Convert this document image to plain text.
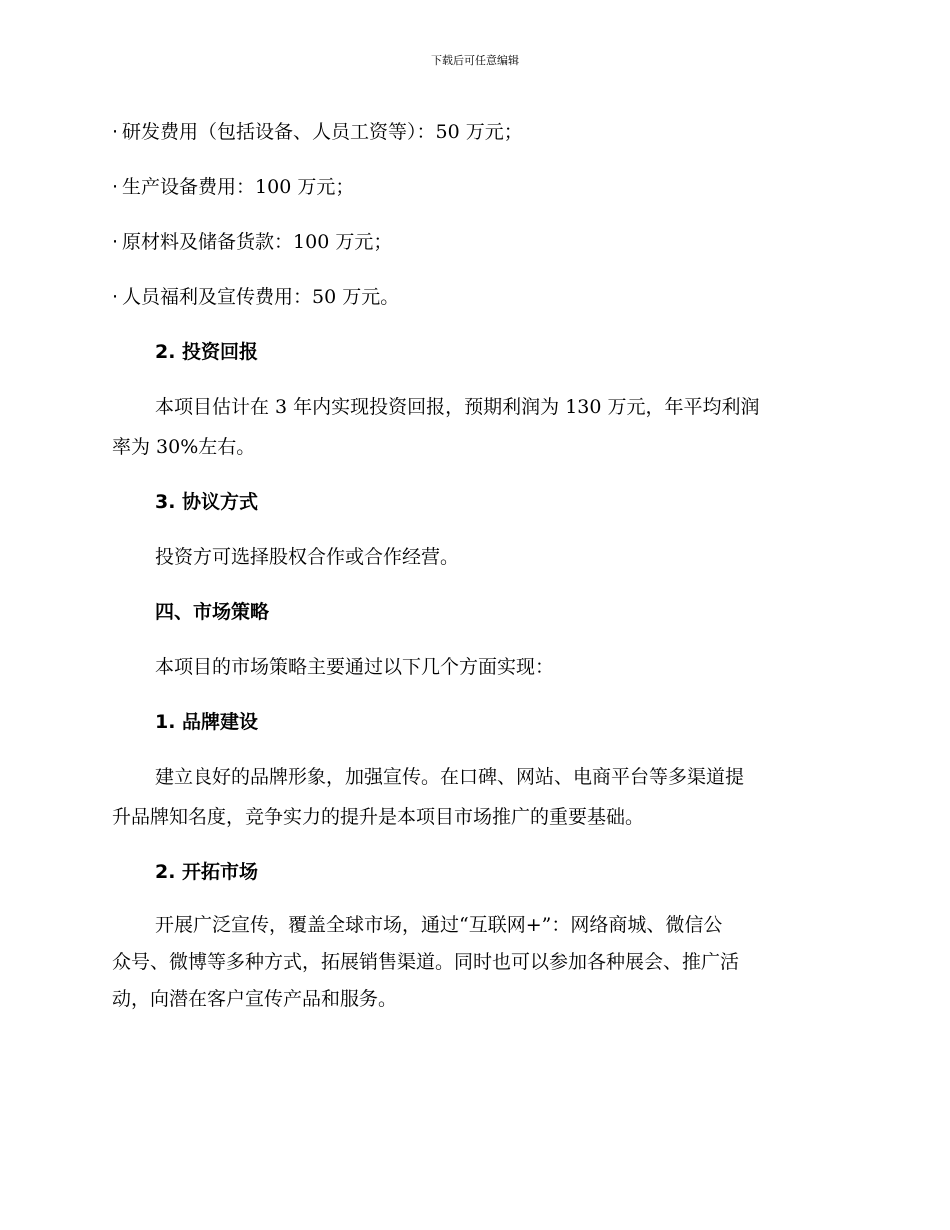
下载后可任意编辑
· 研发费用（包括设备、人员工资等）：50 万元；
· 生产设备费用：100 万元；
· 原材料及储备货款：100 万元；
· 人员福利及宣传费用：50 万元。
2. 投资回报
本项目估计在 3 年内实现投资回报，预期利润为 130 万元，年平均利润
率为 30%左右。
3. 协议方式
投资方可选择股权合作或合作经营。
四、市场策略
本项目的市场策略主要通过以下几个方面实现：
1. 品牌建设
建立良好的品牌形象，加强宣传。在口碑、网站、电商平台等多渠道提
升品牌知名度，竞争实力的提升是本项目市场推广的重要基础。
2. 开拓市场
开展广泛宣传，覆盖全球市场，通过“互联网+”：网络商城、微信公
众号、微博等多种方式，拓展销售渠道。同时也可以参加各种展会、推广活
动，向潜在客户宣传产品和服务。
